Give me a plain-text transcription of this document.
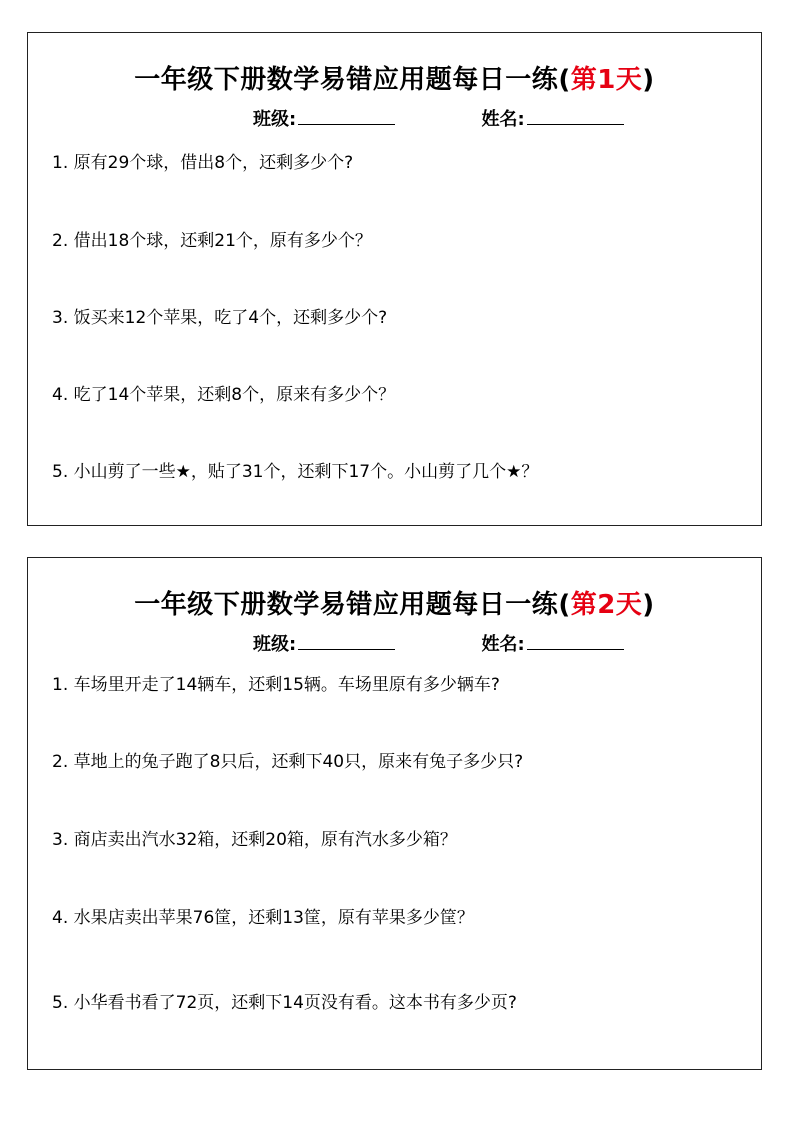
一年级下册数学易错应用题每日一练(第1天)
班级:	姓名:
1. 原有29个球，借出8个，还剩多少个?
2. 借出18个球，还剩21个，原有多少个？
3. 饭买来12个苹果，吃了4个，还剩多少个?
4. 吃了14个苹果，还剩8个，原来有多少个？
5. 小山剪了一些★，贴了31个，还剩下17个。小山剪了几个★？
一年级下册数学易错应用题每日一练(第2天)
班级:	姓名:
1. 车场里开走了14辆车，还剩15辆。车场里原有多少辆车?
2. 草地上的兔子跑了8只后，还剩下40只，原来有兔子多少只?
3. 商店卖出汽水32箱，还剩20箱，原有汽水多少箱？
4. 水果店卖出苹果76筐，还剩13筐，原有苹果多少筐？
5. 小华看书看了72页，还剩下14页没有看。这本书有多少页?
